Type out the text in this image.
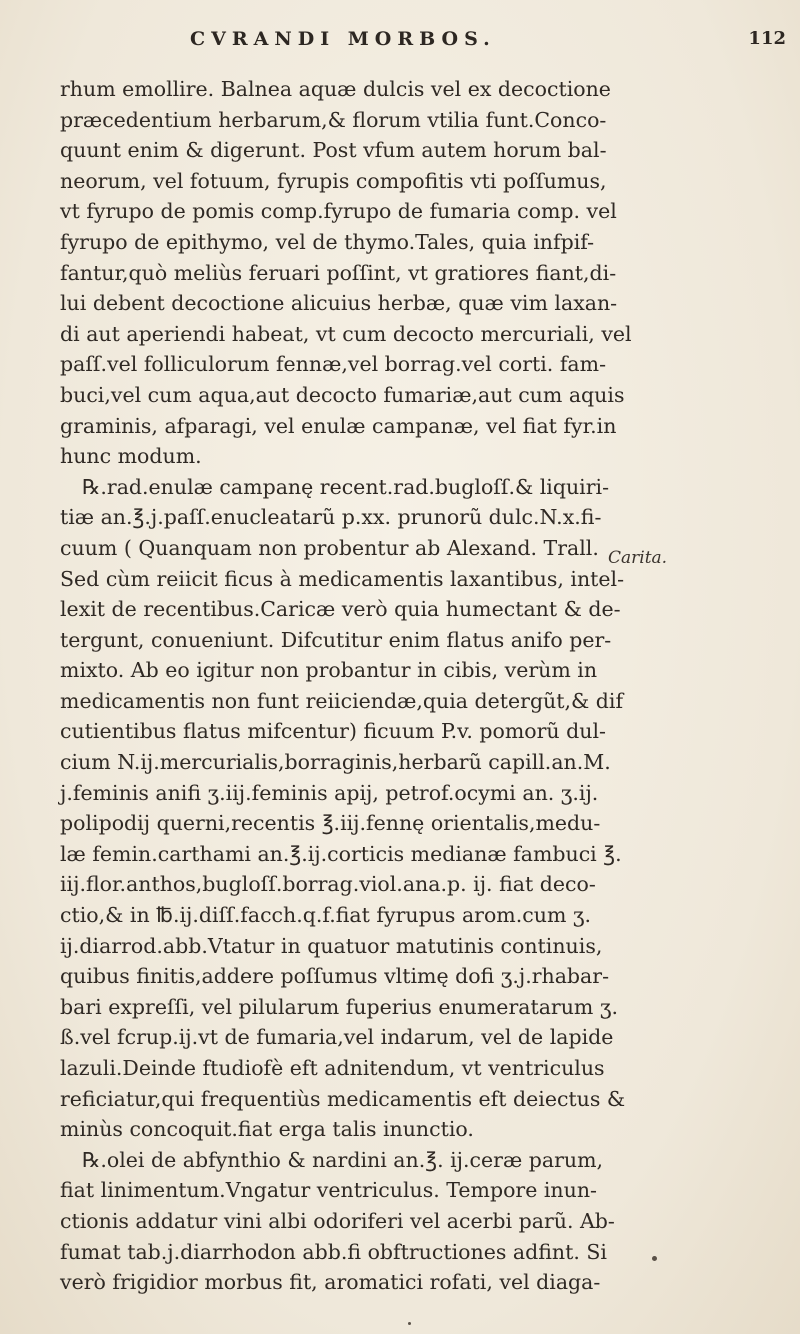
CVRANDI MORBOS.	112
rhum emollire. Balnea aquæ dulcis vel ex decoctione
præcedentium herbarum,& florum vtilia funt.Conco-
quunt enim & digerunt. Post vfum autem horum bal-
neorum, vel fotuum, fyrupis compofitis vti poſſumus,
vt fyrupo de pomis comp.fyrupo de fumaria comp. vel
fyrupo de epithymo, vel de thymo.Tales, quia infpif-
fantur,quò meliùs feruari poſſint, vt gratiores fiant,di-
lui debent decoctione alicuius herbæ, quæ vim laxan-
di aut aperiendi habeat, vt cum decocto mercuriali, vel
paſſ.vel folliculorum fennæ,vel borrag.vel corti. fam-
buci,vel cum aqua,aut decocto fumariæ,aut cum aquis
graminis, afparagi, vel enulæ campanæ, vel fiat fyr.in
hunc modum.
℞.rad.enulæ campanę recent.rad.bugloſſ.& liquiri-
tiæ an.℥.j.paſſ.enucleatarũ p.xx. prunorũ dulc.N.x.fi-
cuum ( Quanquam non probentur ab Alexand. Trall.
Sed cùm reiicit ficus à medicamentis laxantibus, intel-
lexit de recentibus.Caricæ verò quia humectant & de-
tergunt, conueniunt. Difcutitur enim flatus anifo per-
mixto. Ab eo igitur non probantur in cibis, verùm in
medicamentis non funt reiiciendæ,quia detergũt,& dif
cutientibus flatus mifcentur) ficuum P.v. pomorũ dul-
cium N.ij.mercurialis,borraginis,herbarũ capill.an.M.
j.feminis anifi ʒ.iij.feminis apij, petrof.ocymi an. ʒ.ij.
polipodij querni,recentis ℥.iij.fennę orientalis,medu-
læ femin.carthami an.℥.ij.corticis medianæ fambuci ℥.
iij.flor.anthos,bugloſſ.borrag.viol.ana.p. ij. fiat deco-
ctio,& in ℔.ij.diſſ.facch.q.f.fiat fyrupus arom.cum ʒ.
ij.diarrod.abb.Vtatur in quatuor matutinis continuis,
quibus finitis,addere poſſumus vltimę dofi ʒ.j.rhabar-
bari expreſſi, vel pilularum fuperius enumeratarum ʒ.
ß.vel fcrup.ij.vt de fumaria,vel indarum, vel de lapide
lazuli.Deinde ftudiofè eft adnitendum, vt ventriculus
reficiatur,qui frequentiùs medicamentis eft deiectus &
minùs concoquit.fiat erga talis inunctio.
℞.olei de abfynthio & nardini an.℥. ij.ceræ parum,
fiat linimentum.Vngatur ventriculus. Tempore inun-
ctionis addatur vini albi odoriferi vel acerbi parũ. Ab-
fumat tab.j.diarrhodon abb.fi obftructiones adfint. Si
verò frigidior morbus fit, aromatici rofati, vel diaga-
Carita.
